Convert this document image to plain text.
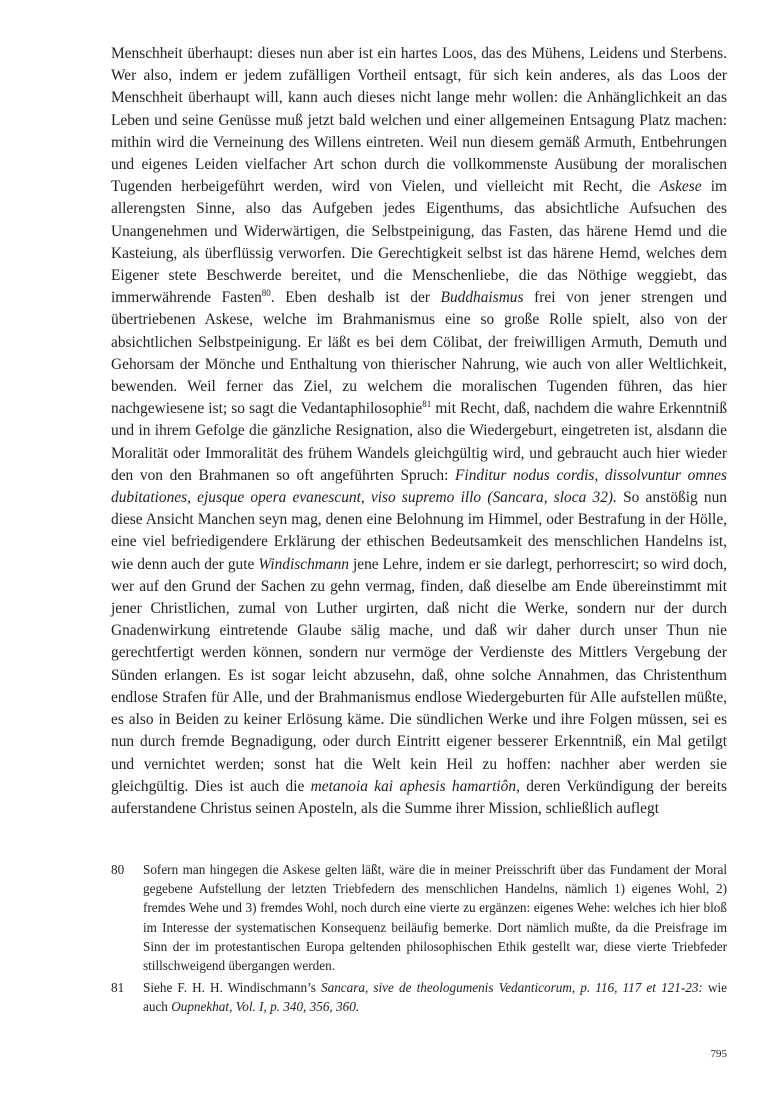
Menschheit überhaupt: dieses nun aber ist ein hartes Loos, das des Mühens, Leidens und Sterbens. Wer also, indem er jedem zufälligen Vortheil entsagt, für sich kein anderes, als das Loos der Menschheit überhaupt will, kann auch dieses nicht lange mehr wollen: die Anhänglichkeit an das Leben und seine Genüsse muß jetzt bald welchen und einer allgemeinen Entsagung Platz machen: mithin wird die Verneinung des Willens eintreten. Weil nun diesem gemäß Armuth, Entbehrungen und eigenes Leiden vielfacher Art schon durch die vollkommenste Ausübung der moralischen Tugenden herbeigeführt werden, wird von Vielen, und vielleicht mit Recht, die Askese im allerengsten Sinne, also das Aufgeben jedes Eigenthums, das absichtliche Aufsuchen des Unangenehmen und Widerwärtigen, die Selbstpeinigung, das Fasten, das härene Hemd und die Kasteiung, als überflüssig verworfen. Die Gerechtigkeit selbst ist das härene Hemd, welches dem Eigener stete Beschwerde bereitet, und die Menschenliebe, die das Nöthige weggiebt, das immerwährende Fasten$^{80}$. Eben deshalb ist der Buddhaismus frei von jener strengen und übertriebenen Askese, welche im Brahmanismus eine so große Rolle spielt, also von der absichtlichen Selbstpeinigung. Er läßt es bei dem Cölibat, der freiwilligen Armuth, Demuth und Gehorsam der Mönche und Enthaltung von thierischer Nahrung, wie auch von aller Weltlichkeit, bewenden. Weil ferner das Ziel, zu welchem die moralischen Tugenden führen, das hier nachgewiesene ist; so sagt die Vedantaphilosophie$^{81}$ mit Recht, daß, nachdem die wahre Erkenntniß und in ihrem Gefolge die gänzliche Resignation, also die Wiedergeburt, eingetreten ist, alsdann die Moralität oder Immoralität des frühem Wandels gleichgültig wird, und gebraucht auch hier wieder den von den Brahmanen so oft angeführten Spruch: Finditur nodus cordis, dissolvuntur omnes dubitationes, ejusque opera evanescunt, viso supremo illo (Sancara, sloca 32). So anstößig nun diese Ansicht Manchen seyn mag, denen eine Belohnung im Himmel, oder Bestrafung in der Hölle, eine viel befriedigendere Erklärung der ethischen Bedeutsamkeit des menschlichen Handelns ist, wie denn auch der gute Windischmann jene Lehre, indem er sie darlegt, perhorrescirt; so wird doch, wer auf den Grund der Sachen zu gehn vermag, finden, daß dieselbe am Ende übereinstimmt mit jener Christlichen, zumal von Luther urgirten, daß nicht die Werke, sondern nur der durch Gnadenwirkung eintretende Glaube sälig mache, und daß wir daher durch unser Thun nie gerechtfertigt werden können, sondern nur vermöge der Verdienste des Mittlers Vergebung der Sünden erlangen. Es ist sogar leicht abzusehn, daß, ohne solche Annahmen, das Christenthum endlose Strafen für Alle, und der Brahmanismus endlose Wiedergeburten für Alle aufstellen müßte, es also in Beiden zu keiner Erlösung käme. Die sündlichen Werke und ihre Folgen müssen, sei es nun durch fremde Begnadigung, oder durch Eintritt eigener besserer Erkenntniß, ein Mal getilgt und vernichtet werden; sonst hat die Welt kein Heil zu hoffen: nachher aber werden sie gleichgültig. Dies ist auch die metanoia kai aphesis hamartiôn, deren Verkündigung der bereits auferstandene Christus seinen Aposteln, als die Summe ihrer Mission, schließlich auflegt

80	Sofern man hingegen die Askese gelten läßt, wäre die in meiner Preisschrift über das Fundament der Moral gegebene Aufstellung der letzten Triebfedern des menschlichen Handelns, nämlich 1) eigenes Wohl, 2) fremdes Wehe und 3) fremdes Wohl, noch durch eine vierte zu ergänzen: eigenes Wehe: welches ich hier bloß im Interesse der systematischen Konsequenz beiläufig bemerke. Dort nämlich mußte, da die Preisfrage im Sinn der im protestantischen Europa geltenden philosophischen Ethik gestellt war, diese vierte Triebfeder stillschweigend übergangen werden.
81	Siehe F. H. H. Windischmann’s Sancara, sive de theologumenis Vedanticorum, p. 116, 117 et 121-23: wie auch Oupnekhat, Vol. I, p. 340, 356, 360.
795
